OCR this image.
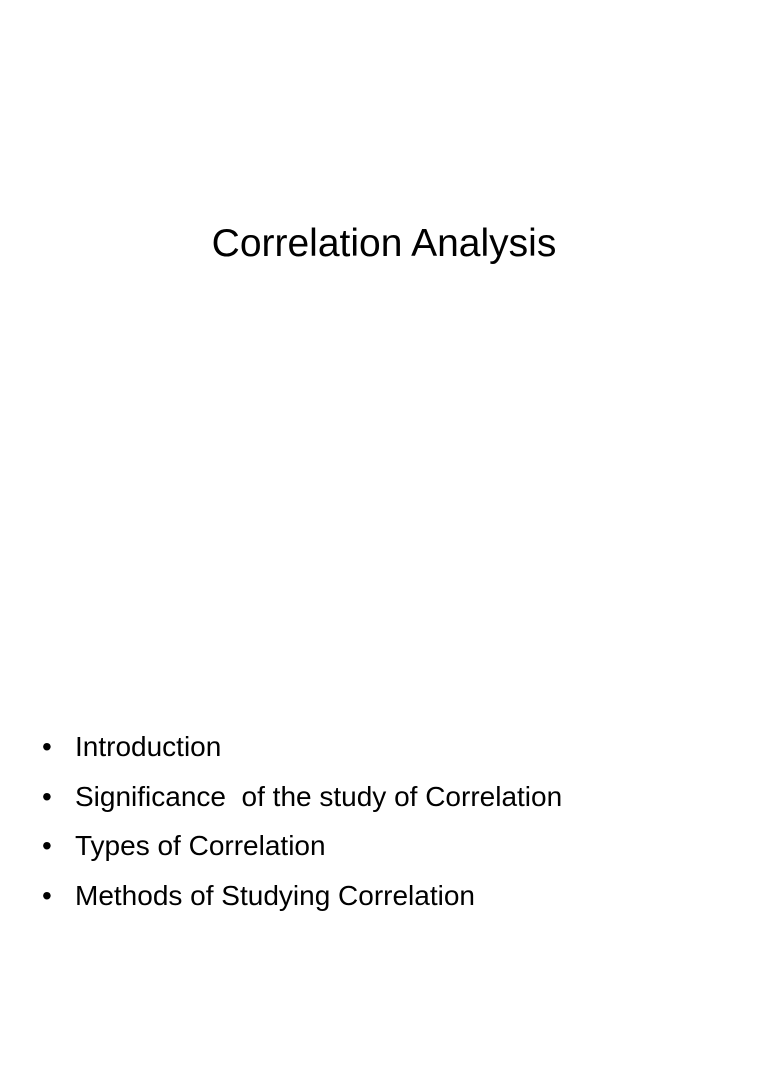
Correlation Analysis

•

Introduction

•

Significance  of the study of Correlation

•

Types of Correlation

•

Methods of Studying Correlation
